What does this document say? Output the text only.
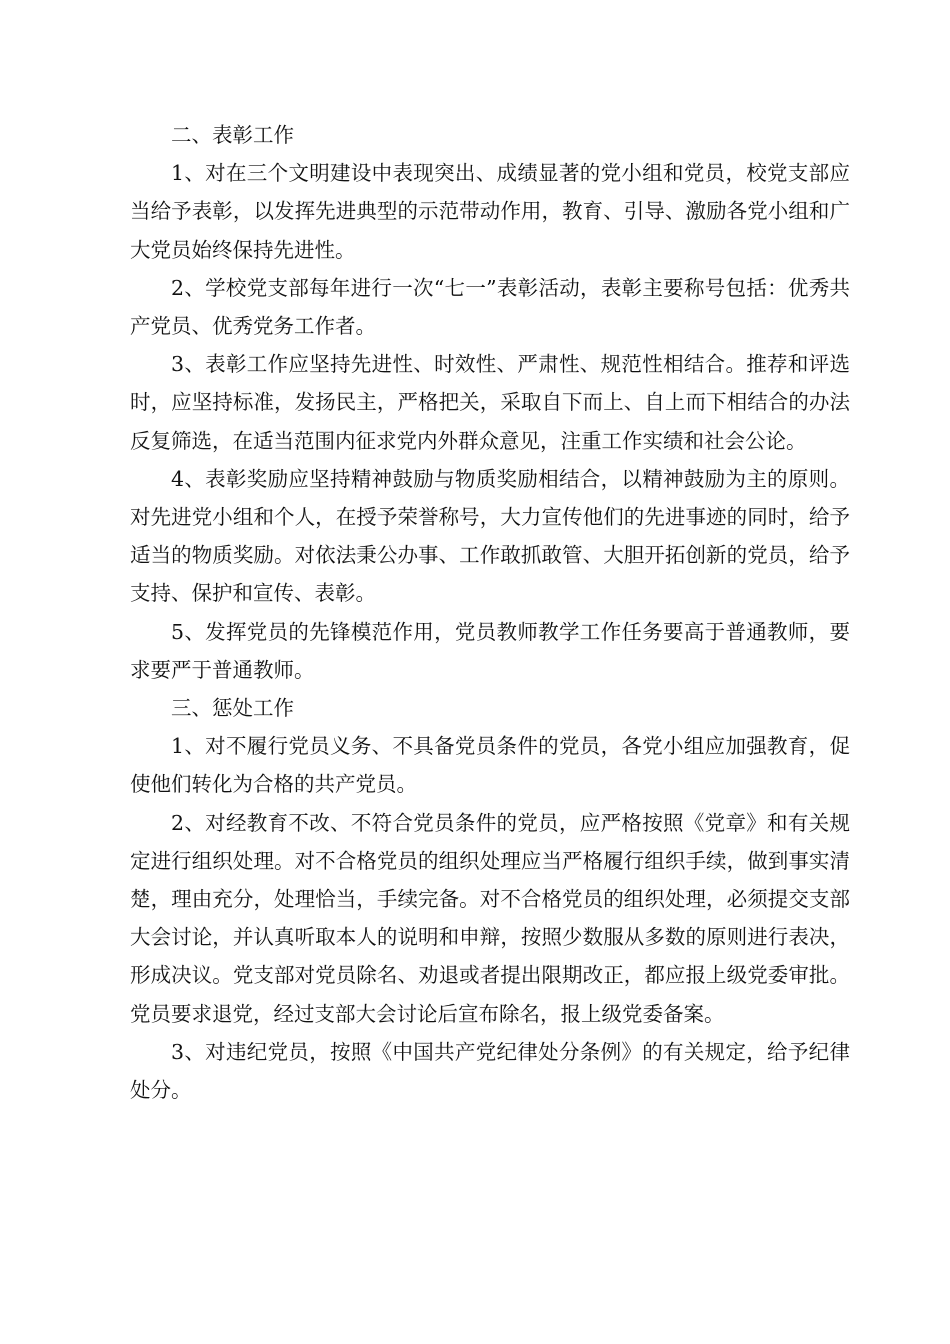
二、表彰工作

1、对在三个文明建设中表现突出、成绩显著的党小组和党员，校党支部应当给予表彰，以发挥先进典型的示范带动作用，教育、引导、激励各党小组和广大党员始终保持先进性。

2、学校党支部每年进行一次“七一”表彰活动，表彰主要称号包括：优秀共产党员、优秀党务工作者。

3、表彰工作应坚持先进性、时效性、严肃性、规范性相结合。推荐和评选时，应坚持标准，发扬民主，严格把关，采取自下而上、自上而下相结合的办法反复筛选，在适当范围内征求党内外群众意见，注重工作实绩和社会公论。

4、表彰奖励应坚持精神鼓励与物质奖励相结合，以精神鼓励为主的原则。对先进党小组和个人，在授予荣誉称号，大力宣传他们的先进事迹的同时，给予适当的物质奖励。对依法秉公办事、工作敢抓敢管、大胆开拓创新的党员，给予支持、保护和宣传、表彰。

5、发挥党员的先锋模范作用，党员教师教学工作任务要高于普通教师，要求要严于普通教师。

三、惩处工作

1、对不履行党员义务、不具备党员条件的党员，各党小组应加强教育，促使他们转化为合格的共产党员。

2、对经教育不改、不符合党员条件的党员，应严格按照《党章》和有关规定进行组织处理。对不合格党员的组织处理应当严格履行组织手续，做到事实清楚，理由充分，处理恰当，手续完备。对不合格党员的组织处理，必须提交支部大会讨论，并认真听取本人的说明和申辩，按照少数服从多数的原则进行表决，形成决议。党支部对党员除名、劝退或者提出限期改正，都应报上级党委审批。党员要求退党，经过支部大会讨论后宣布除名，报上级党委备案。

3、对违纪党员，按照《中国共产党纪律处分条例》的有关规定，给予纪律处分。
